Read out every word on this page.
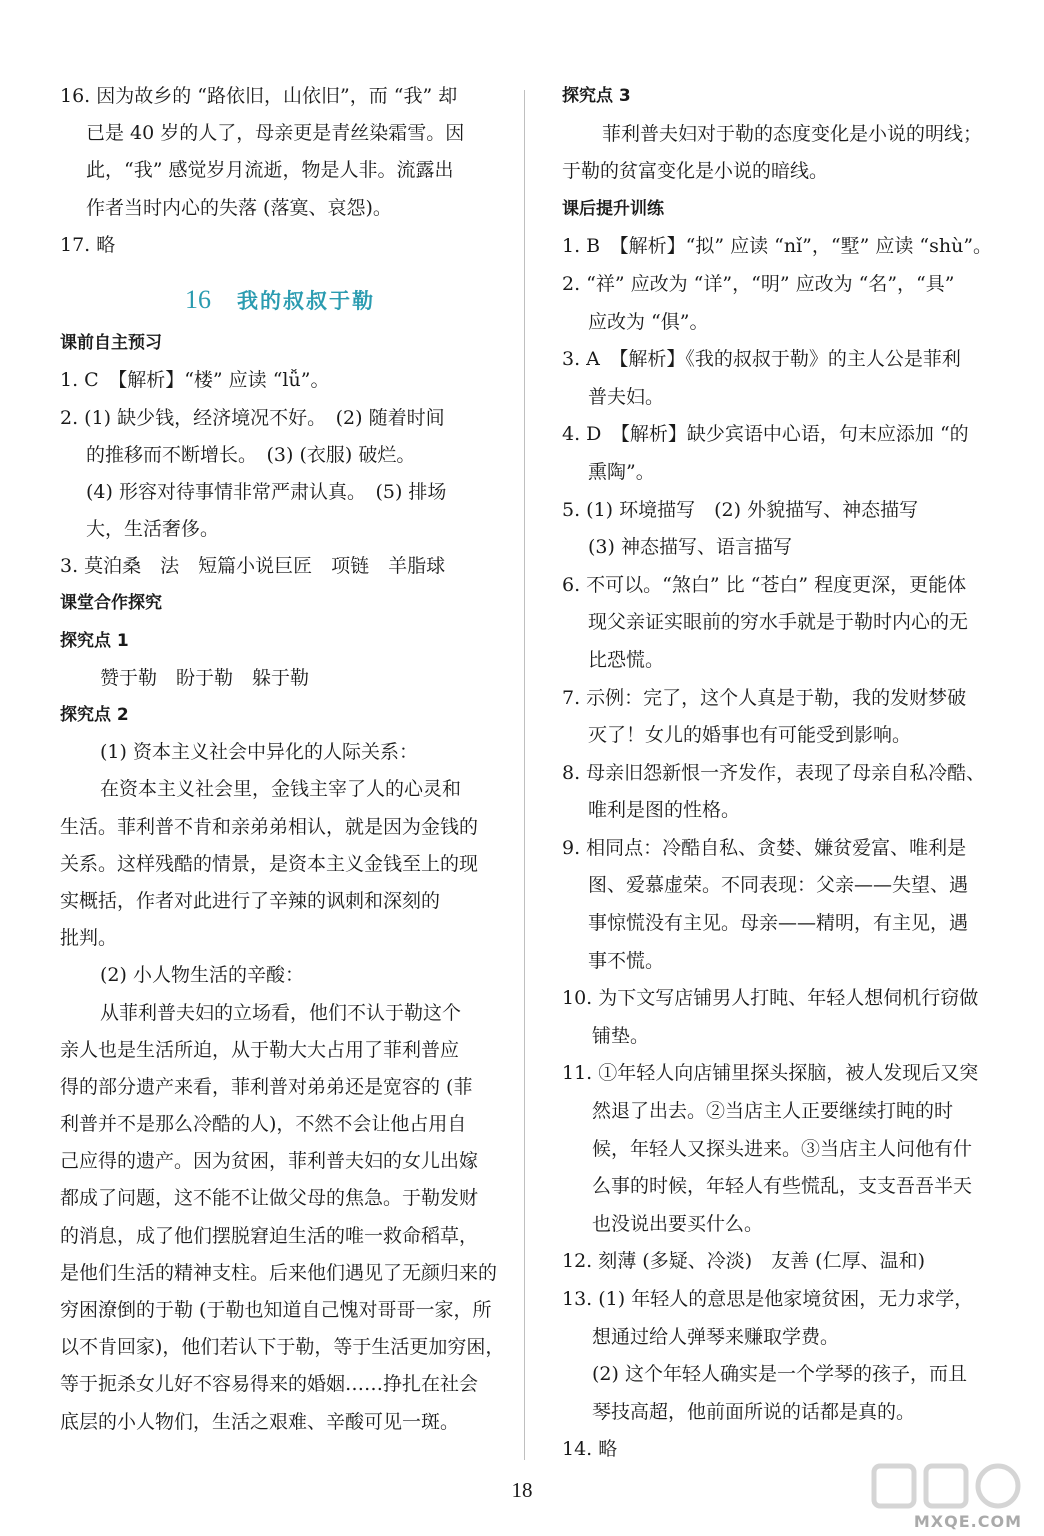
16. 因为故乡的 “路依旧，山依旧”，而 “我” 却
已是 40 岁的人了，母亲更是青丝染霜雪。因
此，“我” 感觉岁月流逝，物是人非。流露出
作者当时内心的失落 (落寞、哀怨)。
17. 略
16 我的叔叔于勒
课前自主预习
1. C　【解析】“楼” 应读 “lǚ”。
2. (1) 缺少钱，经济境况不好。　(2) 随着时间
的推移而不断增长。　(3) (衣服) 破烂。
(4) 形容对待事情非常严肃认真。　(5) 排场
大，生活奢侈。
3. 莫泊桑　法　短篇小说巨匠　项链　羊脂球
课堂合作探究
探究点 1
赞于勒　盼于勒　躲于勒
探究点 2
(1) 资本主义社会中异化的人际关系：
在资本主义社会里，金钱主宰了人的心灵和
生活。菲利普不肯和亲弟弟相认，就是因为金钱的
关系。这样残酷的情景，是资本主义金钱至上的现
实概括，作者对此进行了辛辣的讽刺和深刻的
批判。
(2) 小人物生活的辛酸：
从菲利普夫妇的立场看，他们不认于勒这个
亲人也是生活所迫，从于勒大大占用了菲利普应
得的部分遗产来看，菲利普对弟弟还是宽容的 (菲
利普并不是那么冷酷的人)，不然不会让他占用自
己应得的遗产。因为贫困，菲利普夫妇的女儿出嫁
都成了问题，这不能不让做父母的焦急。于勒发财
的消息，成了他们摆脱窘迫生活的唯一救命稻草，
是他们生活的精神支柱。后来他们遇见了无颜归来的
穷困潦倒的于勒 (于勒也知道自己愧对哥哥一家，所
以不肯回家)，他们若认下于勒，等于生活更加穷困，
等于扼杀女儿好不容易得来的婚姻……挣扎在社会
底层的小人物们，生活之艰难、辛酸可见一斑。
探究点 3
菲利普夫妇对于勒的态度变化是小说的明线；
于勒的贫富变化是小说的暗线。
课后提升训练
1. B　【解析】“拟” 应读 “nǐ”，“墅” 应读 “shù”。
2. “祥” 应改为 “详”，“明” 应改为 “名”，“具”
应改为 “俱”。
3. A　【解析】《我的叔叔于勒》的主人公是菲利
普夫妇。
4. D　【解析】缺少宾语中心语，句末应添加 “的
熏陶”。
5. (1) 环境描写　(2) 外貌描写、神态描写
(3) 神态描写、语言描写
6. 不可以。“煞白” 比 “苍白” 程度更深，更能体
现父亲证实眼前的穷水手就是于勒时内心的无
比恐慌。
7. 示例：完了，这个人真是于勒，我的发财梦破
灭了！女儿的婚事也有可能受到影响。
8. 母亲旧怨新恨一齐发作，表现了母亲自私冷酷、
唯利是图的性格。
9. 相同点：冷酷自私、贪婪、嫌贫爱富、唯利是
图、爱慕虚荣。不同表现：父亲——失望、遇
事惊慌没有主见。母亲——精明，有主见，遇
事不慌。
10. 为下文写店铺男人打盹、年轻人想伺机行窃做
铺垫。
11. ①年轻人向店铺里探头探脑，被人发现后又突
然退了出去。②当店主人正要继续打盹的时
候，年轻人又探头进来。③当店主人问他有什
么事的时候，年轻人有些慌乱，支支吾吾半天
也没说出要买什么。
12. 刻薄 (多疑、冷淡)　友善 (仁厚、温和)
13. (1) 年轻人的意思是他家境贫困，无力求学，
想通过给人弹琴来赚取学费。
(2) 这个年轻人确实是一个学琴的孩子，而且
琴技高超，他前面所说的话都是真的。
14. 略
18
MXQE.COM
